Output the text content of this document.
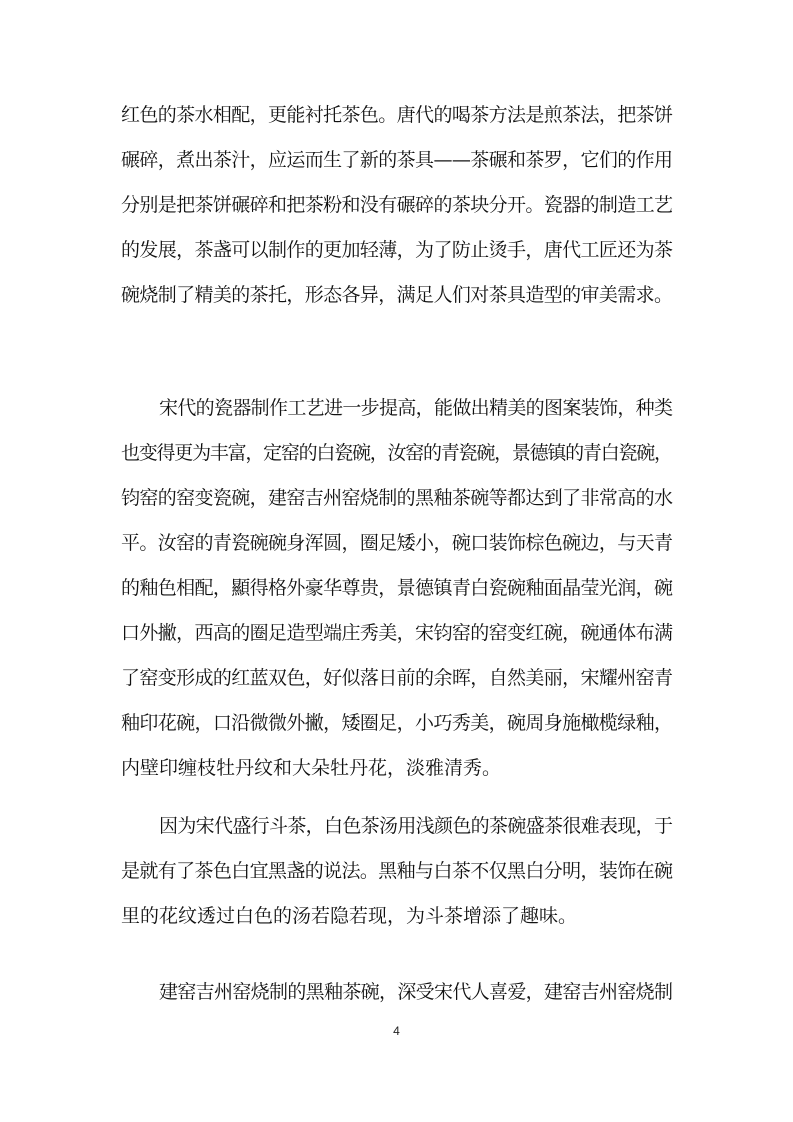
红色的茶水相配，更能衬托茶色。唐代的喝茶方法是煎茶法，把茶饼

碾碎，煮出茶汁，应运而生了新的茶具——茶碾和茶罗，它们的作用

分别是把茶饼碾碎和把茶粉和没有碾碎的茶块分开。瓷器的制造工艺

的发展，茶盏可以制作的更加轻薄，为了防止烫手，唐代工匠还为茶

碗烧制了精美的茶托，形态各异，满足人们对茶具造型的审美需求。

宋代的瓷器制作工艺进一步提高，能做出精美的图案装饰，种类

也变得更为丰富，定窑的白瓷碗，汝窑的青瓷碗，景德镇的青白瓷碗，

钧窑的窑变瓷碗，建窑吉州窑烧制的黑釉茶碗等都达到了非常高的水

平。汝窑的青瓷碗碗身浑圆，圈足矮小，碗口装饰棕色碗边，与天青

的釉色相配，顯得格外豪华尊贵，景德镇青白瓷碗釉面晶莹光润，碗

口外撇，西高的圈足造型端庄秀美，宋钧窑的窑变红碗，碗通体布满

了窑变形成的红蓝双色，好似落日前的余晖，自然美丽，宋耀州窑青

釉印花碗，口沿微微外撇，矮圈足，小巧秀美，碗周身施橄榄绿釉，

内壁印缠枝牡丹纹和大朵牡丹花，淡雅清秀。

因为宋代盛行斗茶，白色茶汤用浅颜色的茶碗盛茶很难表现，于

是就有了茶色白宜黑盏的说法。黑釉与白茶不仅黑白分明，装饰在碗

里的花纹透过白色的汤若隐若现，为斗茶增添了趣味。

建窑吉州窑烧制的黑釉茶碗，深受宋代人喜爱，建窑吉州窑烧制

4
